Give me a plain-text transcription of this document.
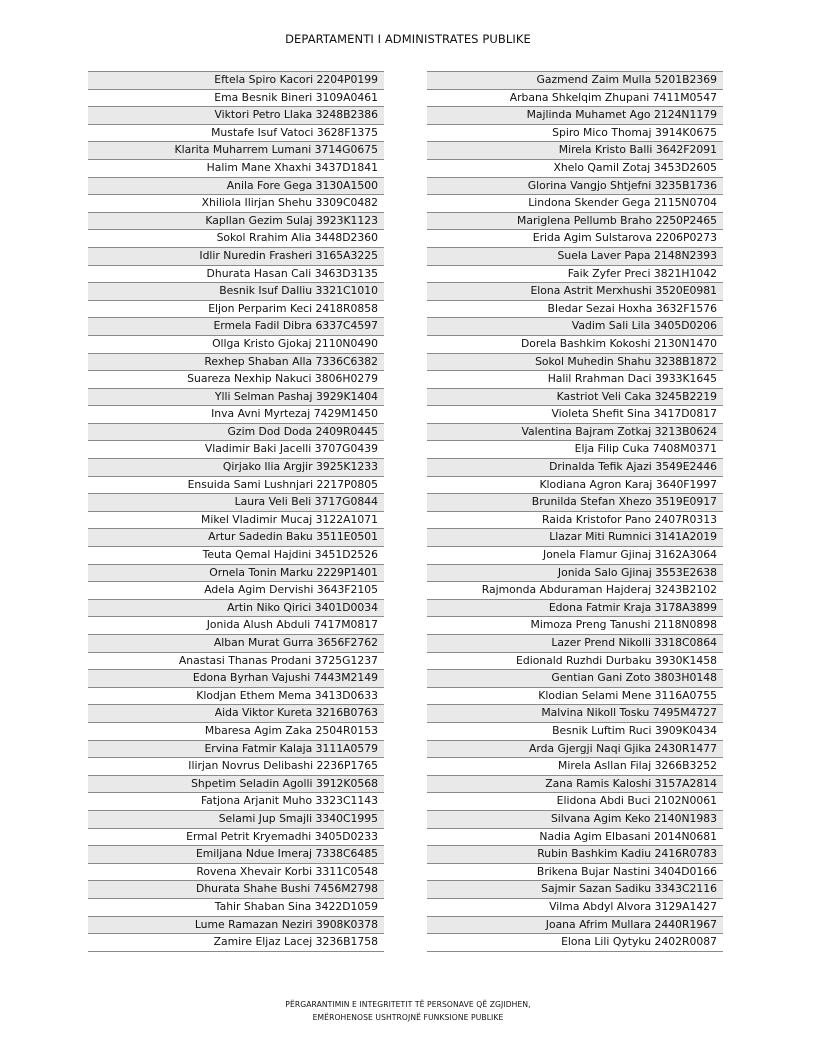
DEPARTAMENTI I ADMINISTRATES PUBLIKE
Eftela Spiro Kacori 2204P0199
Ema Besnik Bineri 3109A0461
Viktori Petro Llaka 3248B2386
Mustafe Isuf Vatoci 3628F1375
Klarita Muharrem Lumani 3714G0675
Halim Mane Xhaxhi 3437D1841
Anila Fore Gega 3130A1500
Xhiliola Ilirjan Shehu 3309C0482
Kapllan Gezim Sulaj 3923K1123
Sokol Rrahim Alia 3448D2360
Idlir Nuredin Frasheri 3165A3225
Dhurata Hasan Cali 3463D3135
Besnik Isuf Dalliu 3321C1010
Eljon Perparim Keci 2418R0858
Ermela Fadil Dibra 6337C4597
Ollga Kristo Gjokaj 2110N0490
Rexhep Shaban Alla 7336C6382
Suareza Nexhip Nakuci 3806H0279
Ylli Selman Pashaj 3929K1404
Inva Avni Myrtezaj 7429M1450
Gzim Dod Doda 2409R0445
Vladimir Baki Jacelli 3707G0439
Qirjako Ilia Argjir 3925K1233
Ensuida Sami Lushnjari 2217P0805
Laura Veli Beli 3717G0844
Mikel Vladimir Mucaj 3122A1071
Artur Sadedin Baku 3511E0501
Teuta Qemal Hajdini 3451D2526
Ornela Tonin Marku 2229P1401
Adela Agim Dervishi 3643F2105
Artin Niko Qirici 3401D0034
Jonida Alush Abduli 7417M0817
Alban Murat Gurra 3656F2762
Anastasi Thanas Prodani 3725G1237
Edona Byrhan Vajushi 7443M2149
Klodjan Ethem Mema 3413D0633
Aida Viktor Kureta 3216B0763
Mbaresa Agim Zaka 2504R0153
Ervina Fatmir Kalaja 3111A0579
Ilirjan Novrus Delibashi 2236P1765
Shpetim Seladin Agolli 3912K0568
Fatjona Arjanit Muho 3323C1143
Selami Jup Smajli 3340C1995
Ermal Petrit Kryemadhi 3405D0233
Emiljana Ndue Imeraj 7338C6485
Rovena Xhevair Korbi 3311C0548
Dhurata Shahe Bushi 7456M2798
Tahir Shaban Sina 3422D1059
Lume Ramazan Neziri 3908K0378
Zamire Eljaz Lacej 3236B1758
Gazmend Zaim Mulla 5201B2369
Arbana Shkelqim Zhupani 7411M0547
Majlinda Muhamet Ago 2124N1179
Spiro Mico Thomaj 3914K0675
Mirela Kristo Balli 3642F2091
Xhelo Qamil Zotaj 3453D2605
Glorina Vangjo Shtjefni 3235B1736
Lindona Skender Gega 2115N0704
Mariglena Pellumb Braho 2250P2465
Erida Agim Sulstarova 2206P0273
Suela Laver Papa 2148N2393
Faik Zyfer Preci 3821H1042
Elona Astrit Merxhushi 3520E0981
Bledar Sezai Hoxha 3632F1576
Vadim Sali Lila 3405D0206
Dorela Bashkim Kokoshi 2130N1470
Sokol Muhedin Shahu 3238B1872
Halil Rrahman Daci 3933K1645
Kastriot Veli Caka 3245B2219
Violeta Shefit Sina 3417D0817
Valentina Bajram Zotkaj 3213B0624
Elja Filip Cuka 7408M0371
Drinalda Tefik Ajazi 3549E2446
Klodiana Agron Karaj 3640F1997
Brunilda Stefan Xhezo 3519E0917
Raida Kristofor Pano 2407R0313
Llazar Miti Rumnici 3141A2019
Jonela Flamur Gjinaj 3162A3064
Jonida Salo Gjinaj 3553E2638
Rajmonda Abduraman Hajderaj 3243B2102
Edona Fatmir Kraja 3178A3899
Mimoza Preng Tanushi 2118N0898
Lazer Prend Nikolli 3318C0864
Edionald Ruzhdi Durbaku 3930K1458
Gentian Gani Zoto 3803H0148
Klodian Selami Mene 3116A0755
Malvina Nikoll Tosku 7495M4727
Besnik Luftim Ruci 3909K0434
Arda Gjergji Naqi Gjika 2430R1477
Mirela Asllan Filaj 3266B3252
Zana Ramis Kaloshi 3157A2814
Elidona Abdi Buci 2102N0061
Silvana Agim Keko 2140N1983
Nadia Agim Elbasani 2014N0681
Rubin Bashkim Kadiu 2416R0783
Brikena Bujar Nastini 3404D0166
Sajmir Sazan Sadiku 3343C2116
Vilma Abdyl Alvora 3129A1427
Joana Afrim Mullara 2440R1967
Elona Lili Qytyku 2402R0087
PËRGARANTIMIN E INTEGRITETIT TË PERSONAVE QË ZGJIDHEN,
EMËROHENOSE USHTROJNË FUNKSIONE PUBLIKE
